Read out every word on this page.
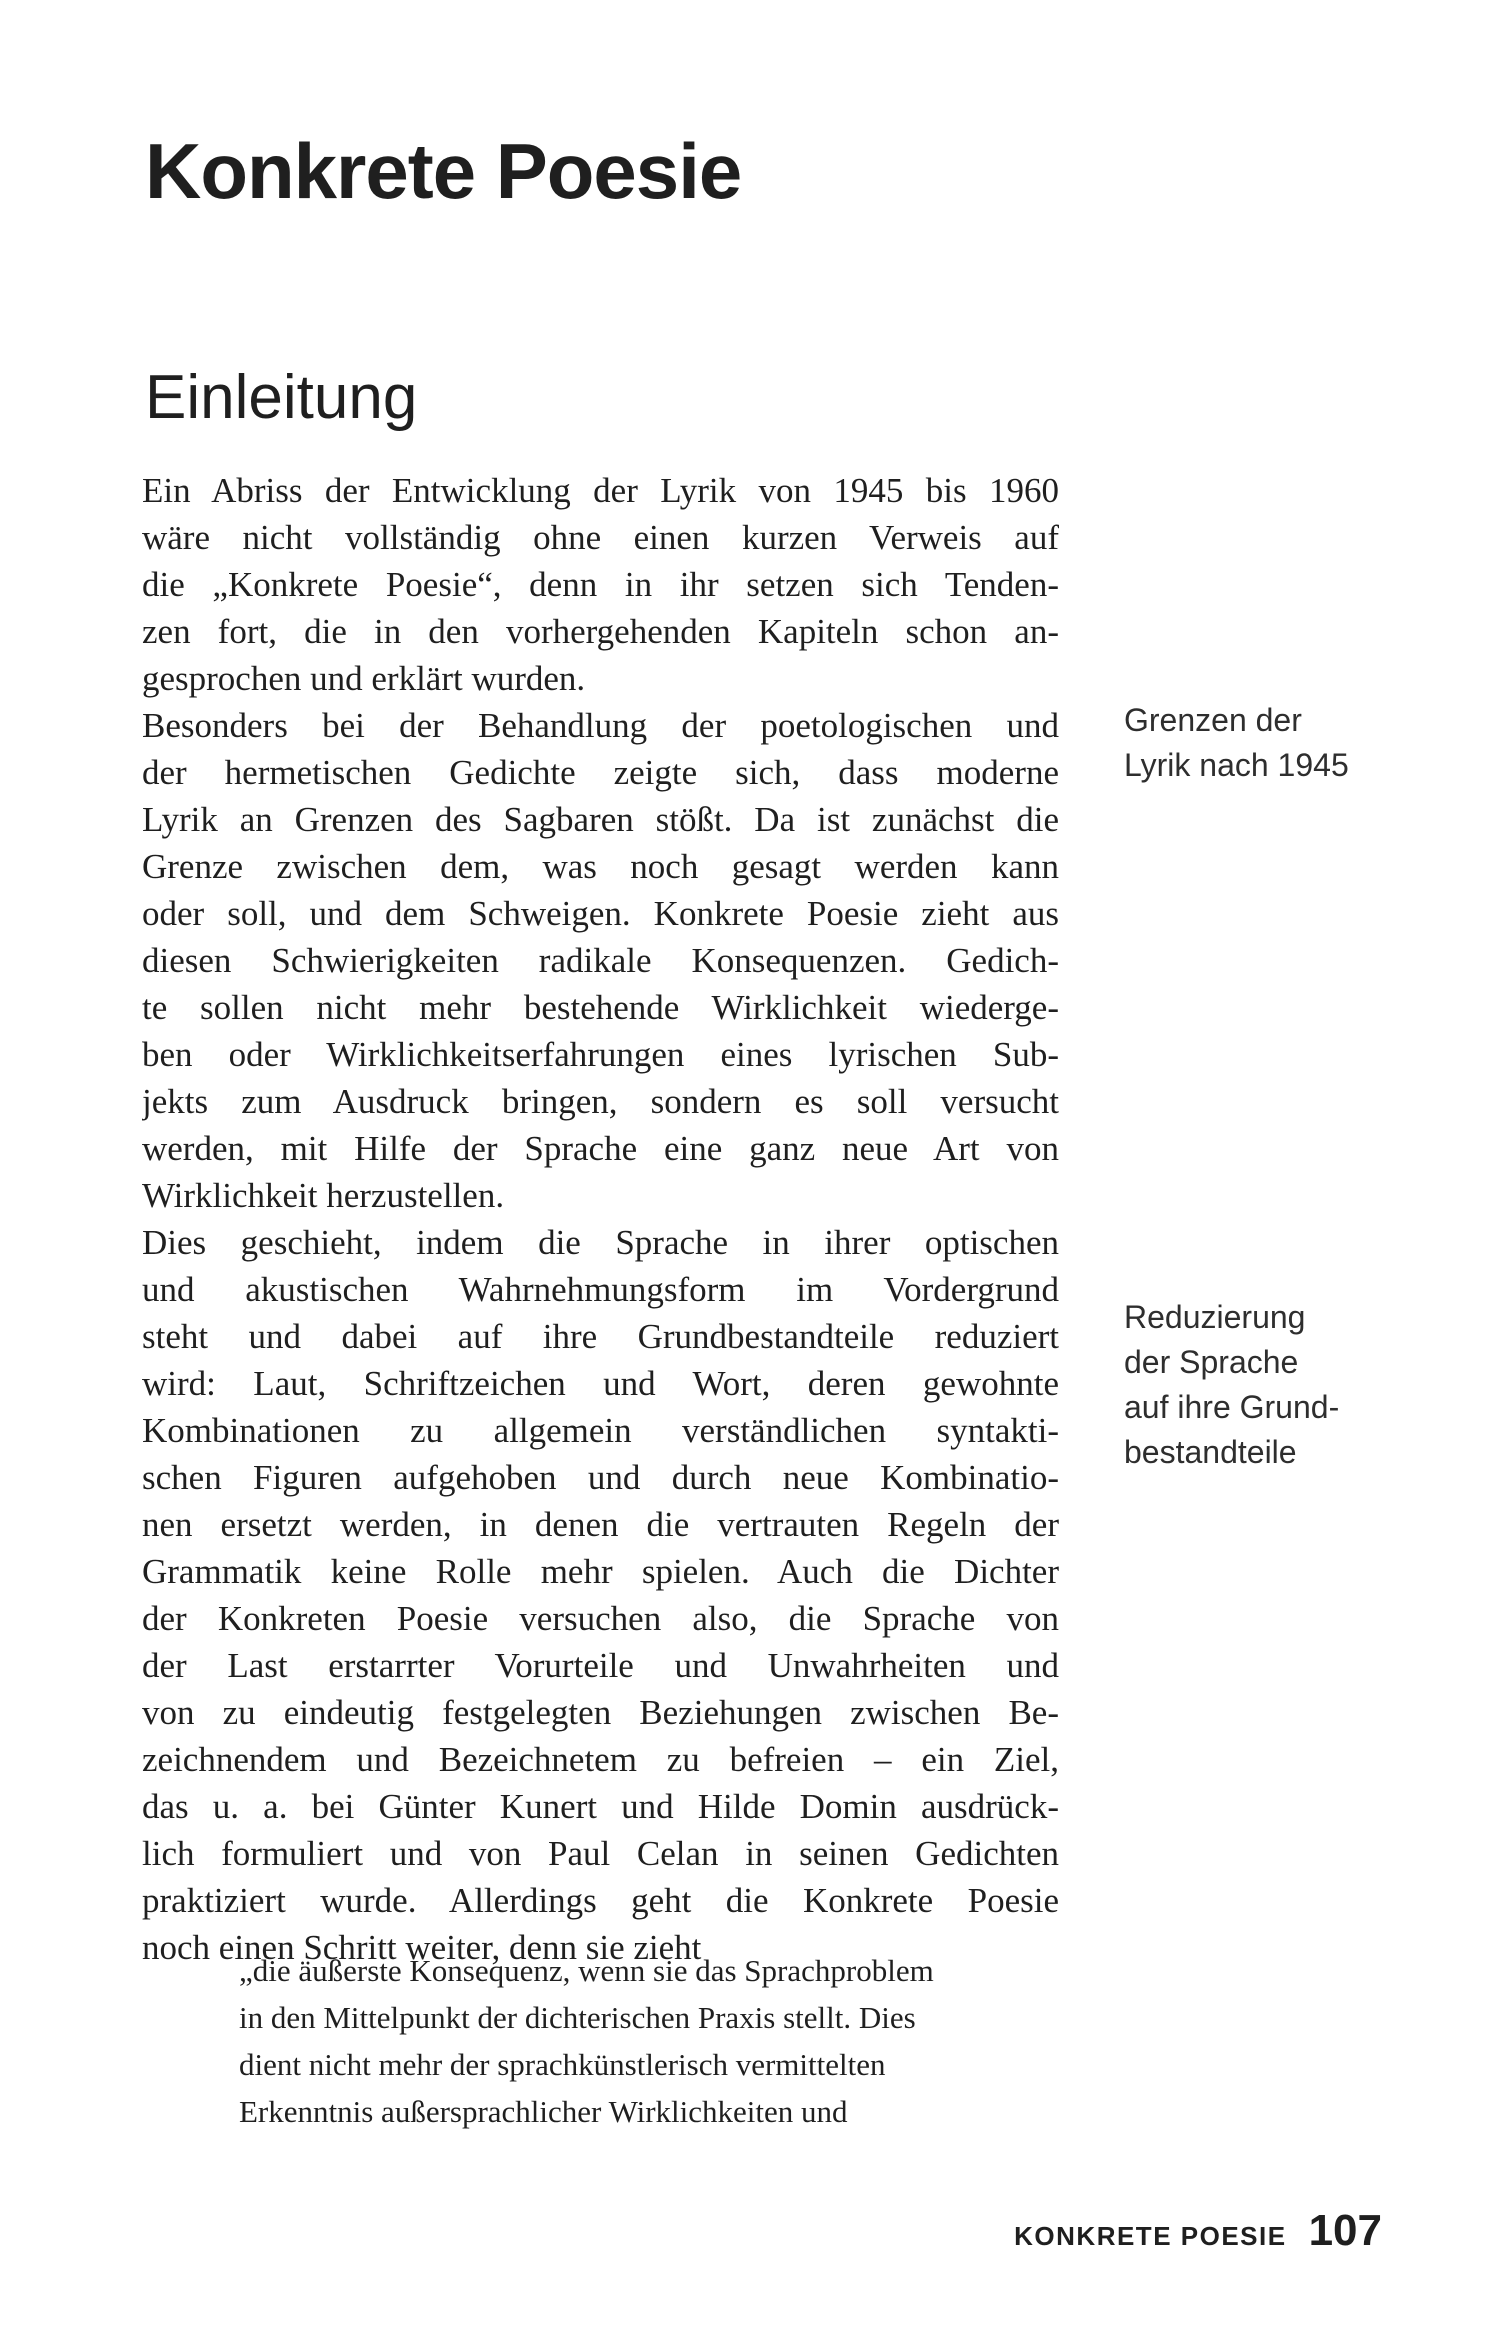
Konkrete Poesie
Einleitung
Ein Abriss der Entwicklung der Lyrik von 1945 bis 1960
wäre nicht vollständig ohne einen kurzen Verweis auf
die „Konkrete Poesie“, denn in ihr setzen sich Tenden-
zen fort, die in den vorhergehenden Kapiteln schon an-
gesprochen und erklärt wurden.
Besonders bei der Behandlung der poetologischen und
der hermetischen Gedichte zeigte sich, dass moderne
Lyrik an Grenzen des Sagbaren stößt. Da ist zunächst die
Grenze zwischen dem, was noch gesagt werden kann
oder soll, und dem Schweigen. Konkrete Poesie zieht aus
diesen Schwierigkeiten radikale Konsequenzen. Gedich-
te sollen nicht mehr bestehende Wirklichkeit wiederge-
ben oder Wirklichkeitserfahrungen eines lyrischen Sub-
jekts zum Ausdruck bringen, sondern es soll versucht
werden, mit Hilfe der Sprache eine ganz neue Art von
Wirklichkeit herzustellen.
Dies geschieht, indem die Sprache in ihrer optischen
und akustischen Wahrnehmungsform im Vordergrund
steht und dabei auf ihre Grundbestandteile reduziert
wird: Laut, Schriftzeichen und Wort, deren gewohnte
Kombinationen zu allgemein verständlichen syntakti-
schen Figuren aufgehoben und durch neue Kombinatio-
nen ersetzt werden, in denen die vertrauten Regeln der
Grammatik keine Rolle mehr spielen. Auch die Dichter
der Konkreten Poesie versuchen also, die Sprache von
der Last erstarrter Vorurteile und Unwahrheiten und
von zu eindeutig festgelegten Beziehungen zwischen Be-
zeichnendem und Bezeichnetem zu befreien – ein Ziel,
das u. a. bei Günter Kunert und Hilde Domin ausdrück-
lich formuliert und von Paul Celan in seinen Gedichten
praktiziert wurde. Allerdings geht die Konkrete Poesie
noch einen Schritt weiter, denn sie zieht
„die äußerste Konsequenz, wenn sie das Sprachproblem
in den Mittelpunkt der dichterischen Praxis stellt. Dies
dient nicht mehr der sprachkünstlerisch vermittelten
Erkenntnis außersprachlicher Wirklichkeiten und
Grenzen der
Lyrik nach 1945
Reduzierung
der Sprache
auf ihre Grund-
bestandteile
KONKRETE POESIE 107
